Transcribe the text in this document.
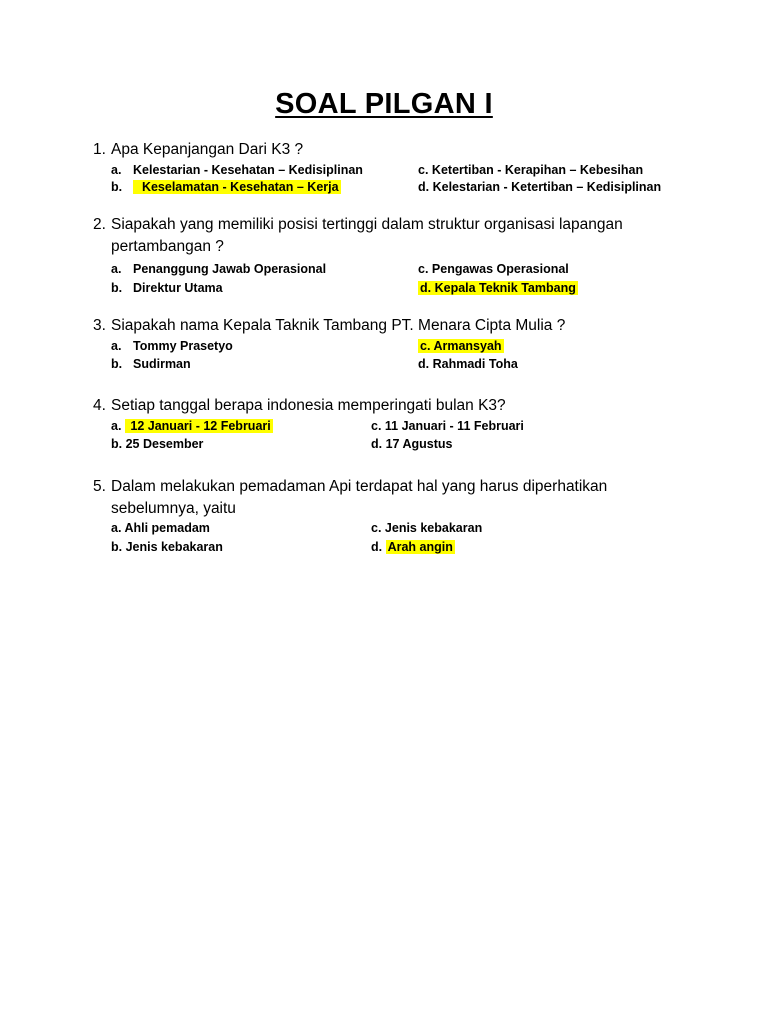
SOAL PILGAN I
1. Apa Kepanjangan Dari K3 ?
a. Kelestarian - Kesehatan – Kedisiplinan
b.  Keselamatan - Kesehatan – Kerja
c. Ketertiban - Kerapihan – Kebesihan
d. Kelestarian - Ketertiban – Kedisiplinan
2. Siapakah yang memiliki posisi tertinggi dalam struktur organisasi lapangan pertambangan ?
a. Penanggung Jawab Operasional
b. Direktur Utama
c. Pengawas Operasional
d. Kepala Teknik Tambang
3. Siapakah nama Kepala Taknik Tambang PT. Menara Cipta Mulia ?
a. Tommy Prasetyo
b. Sudirman
c. Armansyah
d. Rahmadi Toha
4. Setiap tanggal berapa indonesia memperingati bulan K3?
a.  12 Januari - 12 Februari
b. 25 Desember
c. 11 Januari - 11 Februari
d. 17 Agustus
5. Dalam melakukan pemadaman Api terdapat hal yang harus diperhatikan sebelumnya, yaitu
a. Ahli pemadam
b. Jenis kebakaran
c. Jenis kebakaran
d. Arah angin
